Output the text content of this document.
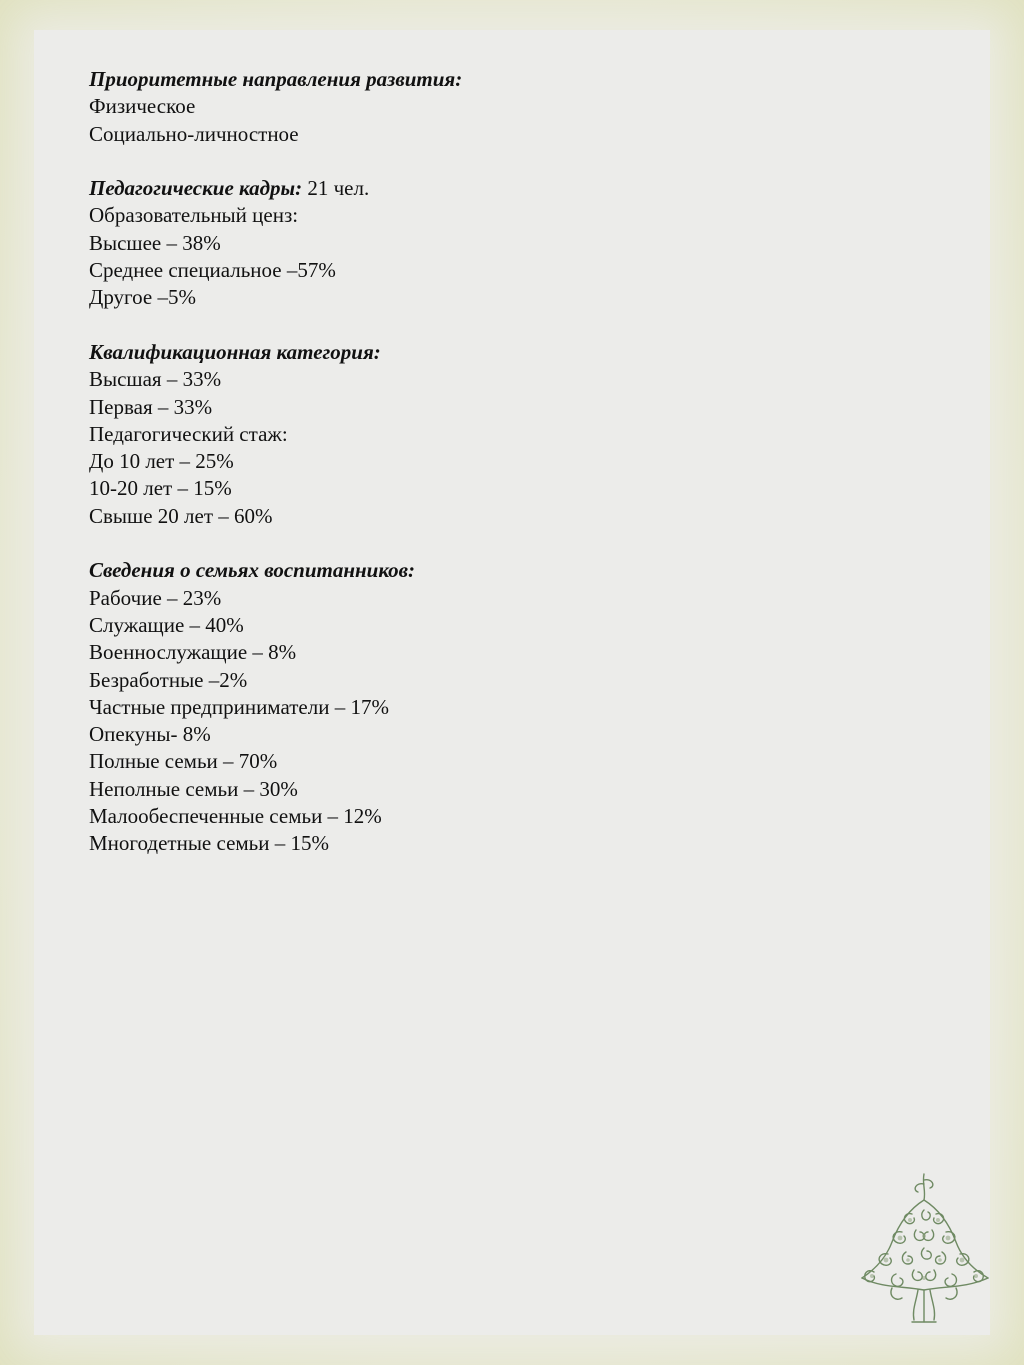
Приоритетные направления развития:
Физическое
Социально-личностное
Педагогические кадры: 21 чел.
Образовательный ценз:
Высшее – 38%
Среднее специальное –57%
Другое –5%
Квалификационная категория:
Высшая – 33%
Первая – 33%
Педагогический стаж:
До 10 лет – 25%
10-20 лет – 15%
Свыше 20 лет – 60%
Сведения о семьях воспитанников:
Рабочие – 23%
Служащие – 40%
Военнослужащие – 8%
Безработные –2%
Частные предприниматели – 17%
Опекуны- 8%
Полные семьи – 70%
Неполные семьи – 30%
Малообеспеченные семьи – 12%
Многодетные семьи – 15%
